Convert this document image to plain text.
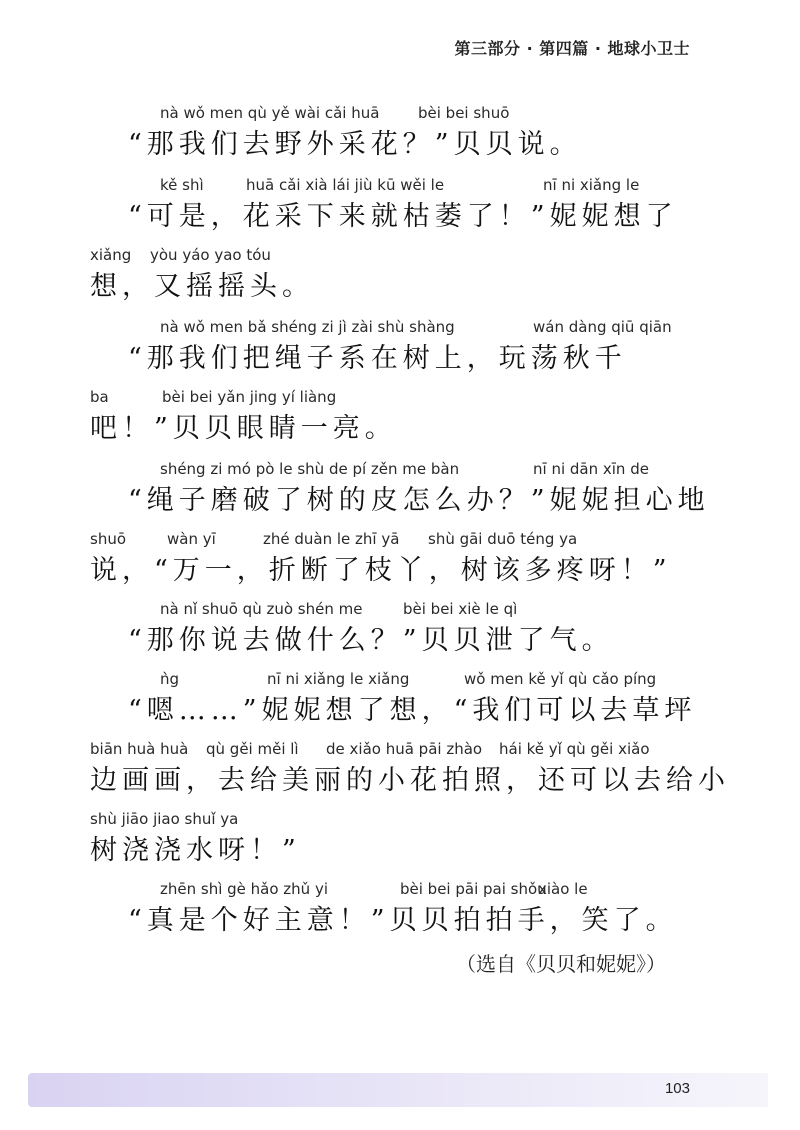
第三部分 · 第四篇 · 地球小卫士
nà wǒ men qù yě wài cǎi huā	bèi bei shuō
“那我们去野外采花？”贝贝说。
kě shì	huā cǎi xià lái jiù kū wěi le	nī ni xiǎng le
“可是，花采下来就枯萎了！”妮妮想了
xiǎng yòu yáo yao tóu
想，又摇摇头。
nà wǒ men bǎ shéng zi jì zài shù shàng	wán dàng qiū qiān
“那我们把绳子系在树上，玩荡秋千
ba	bèi bei yǎn jing yí liàng
吧！”贝贝眼睛一亮。
shéng zi mó pò le shù de pí zěn me bàn	nī ni dān xīn de
“绳子磨破了树的皮怎么办？”妮妮担心地
shuō	wàn yī	zhé duàn le zhī yā shù gāi duō téng ya
说，“万一，折断了枝丫，树该多疼呀！”
nà nǐ shuō qù zuò shén me	bèi bei xiè le qì
“那你说去做什么？”贝贝泄了气。
ǹg	nī ni xiǎng le xiǎng	wǒ men kě yǐ qù cǎo píng
“嗯……”妮妮想了想，“我们可以去草坪
biān huà huà qù gěi měi lì de xiǎo huā pāi zhào hái kě yǐ qù gěi xiǎo
边画画，去给美丽的小花拍照，还可以去给小
shù jiāo jiao shuǐ ya
树浇浇水呀！”
zhēn shì gè hǎo zhǔ yi	bèi bei pāi pai shǒu
xiào le
“真是个好主意！”贝贝拍拍手，笑了。
（选自《贝贝和妮妮》）
103
